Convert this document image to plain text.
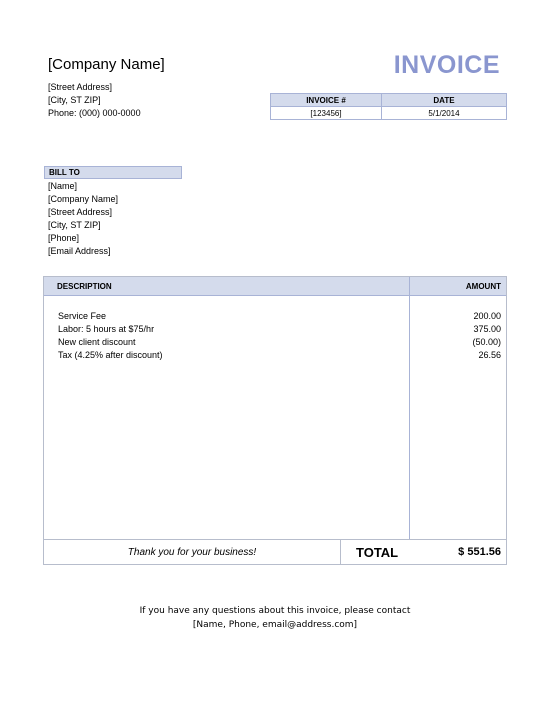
[Company Name]
[Street Address]
[City, ST ZIP]
Phone: (000) 000-0000
INVOICE
INVOICE #	DATE
[123456]	5/1/2014
BILL TO
[Name]
[Company Name]
[Street Address]
[City, ST ZIP]
[Phone]
[Email Address]
DESCRIPTION	AMOUNT
Service Fee	200.00
Labor: 5 hours at $75/hr	375.00
New client discount	(50.00)
Tax (4.25% after discount)	26.56
Thank you for your business!	TOTAL	$ 551.56
If you have any questions about this invoice, please contact
[Name, Phone, email@address.com]
